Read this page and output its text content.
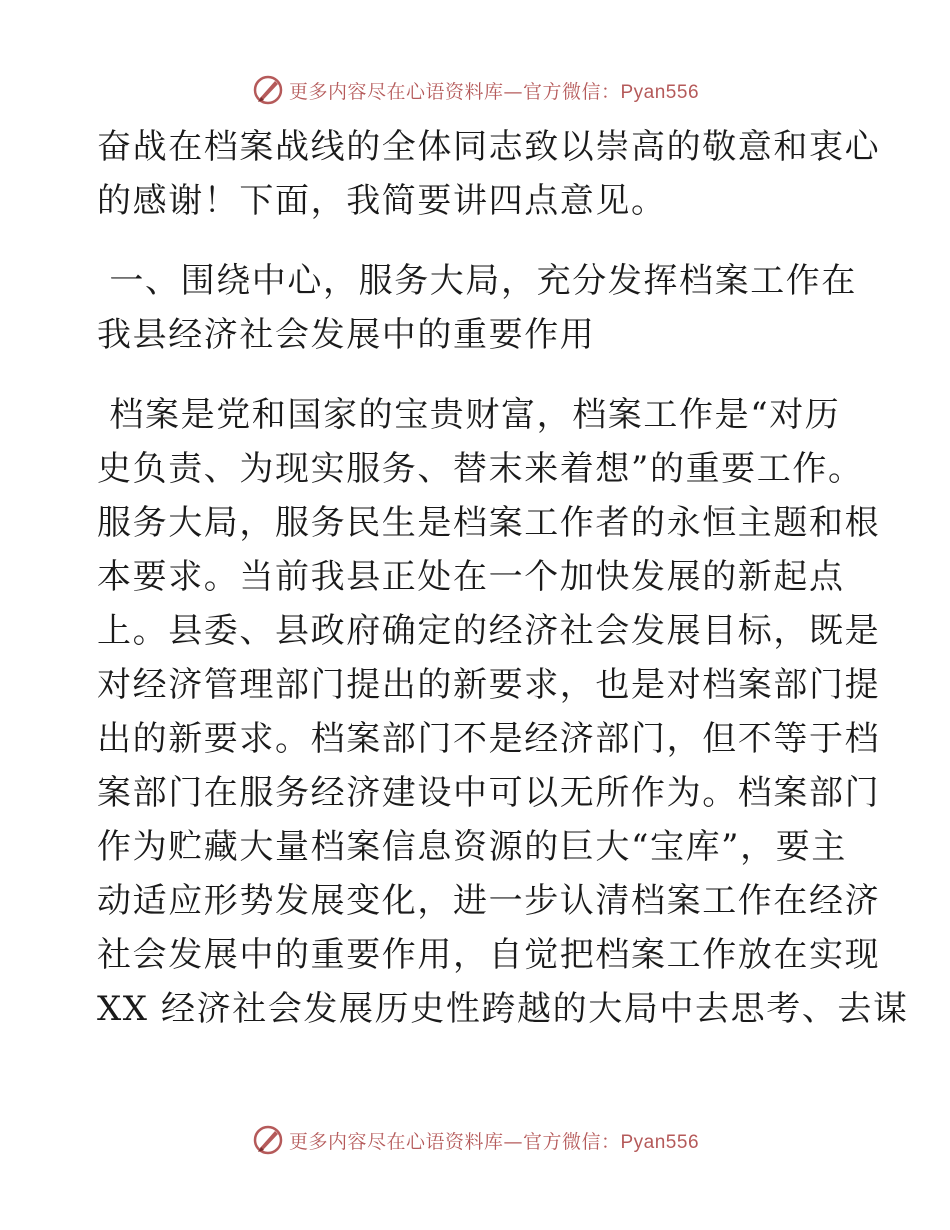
更多内容尽在心语资料库—官方微信：Pyan556
奋战在档案战线的全体同志致以崇高的敬意和衷心
的感谢！下面，我简要讲四点意见。
一、围绕中心，服务大局，充分发挥档案工作在
我县经济社会发展中的重要作用
档案是党和国家的宝贵财富，档案工作是“对历
史负责、为现实服务、替末来着想”的重要工作。
服务大局，服务民生是档案工作者的永恒主题和根
本要求。当前我县正处在一个加快发展的新起点
上。县委、县政府确定的经济社会发展目标，既是
对经济管理部门提出的新要求，也是对档案部门提
出的新要求。档案部门不是经济部门，但不等于档
案部门在服务经济建设中可以无所作为。档案部门
作为贮藏大量档案信息资源的巨大“宝库”，要主
动适应形势发展变化，进一步认清档案工作在经济
社会发展中的重要作用，自觉把档案工作放在实现
XX 经济社会发展历史性跨越的大局中去思考、去谋
更多内容尽在心语资料库—官方微信：Pyan556
